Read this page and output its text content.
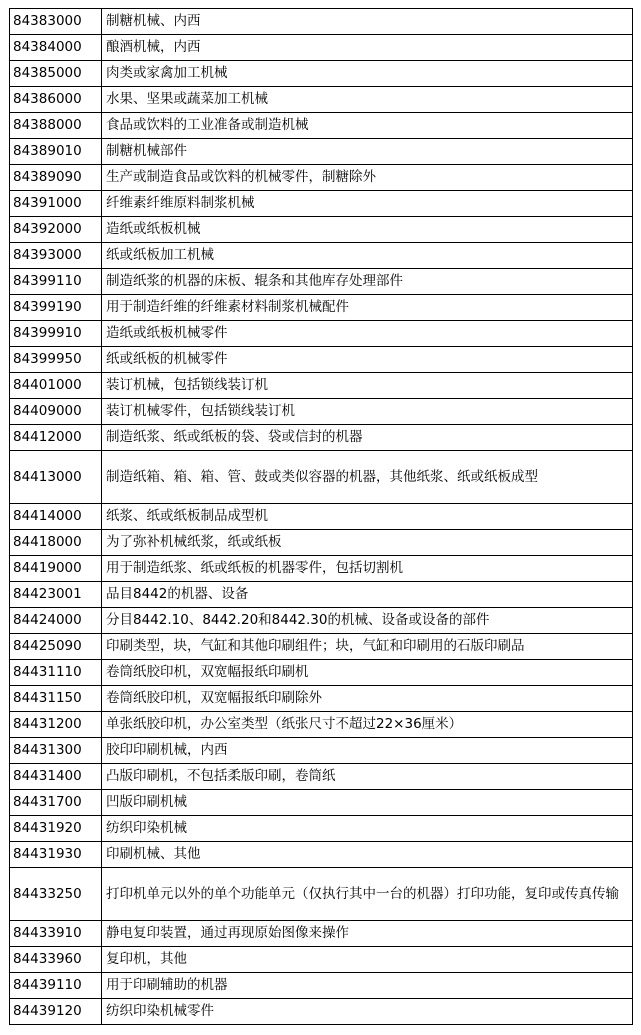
84383000	制糖机械、内西
84384000	酿酒机械，内西
84385000	肉类或家禽加工机械
84386000	水果、坚果或蔬菜加工机械
84388000	食品或饮料的工业准备或制造机械
84389010	制糖机械部件
84389090	生产或制造食品或饮料的机械零件，制糖除外
84391000	纤维素纤维原料制浆机械
84392000	造纸或纸板机械
84393000	纸或纸板加工机械
84399110	制造纸浆的机器的床板、辊条和其他库存处理部件
84399190	用于制造纤维的纤维素材料制浆机械配件
84399910	造纸或纸板机械零件
84399950	纸或纸板的机械零件
84401000	装订机械，包括锁线装订机
84409000	装订机械零件，包括锁线装订机
84412000	制造纸浆、纸或纸板的袋、袋或信封的机器
84413000	制造纸箱、箱、箱、管、鼓或类似容器的机器，其他纸浆、纸或纸板成型
84414000	纸浆、纸或纸板制品成型机
84418000	为了弥补机械纸浆，纸或纸板
84419000	用于制造纸浆、纸或纸板的机器零件，包括切割机
84423001	品目8442的机器、设备
84424000	分目8442.10、8442.20和8442.30的机械、设备或设备的部件
84425090	印刷类型，块，气缸和其他印刷组件；块，气缸和印刷用的石版印刷品
84431110	卷筒纸胶印机，双宽幅报纸印刷机
84431150	卷筒纸胶印机，双宽幅报纸印刷除外
84431200	单张纸胶印机，办公室类型（纸张尺寸不超过22×36厘米）
84431300	胶印印刷机械，内西
84431400	凸版印刷机，不包括柔版印刷，卷筒纸
84431700	凹版印刷机械
84431920	纺织印染机械
84431930	印刷机械、其他
84433250	打印机单元以外的单个功能单元（仅执行其中一台的机器）打印功能，复印或传真传输
84433910	静电复印装置，通过再现原始图像来操作
84433960	复印机，其他
84439110	用于印刷辅助的机器
84439120	纺织印染机械零件
